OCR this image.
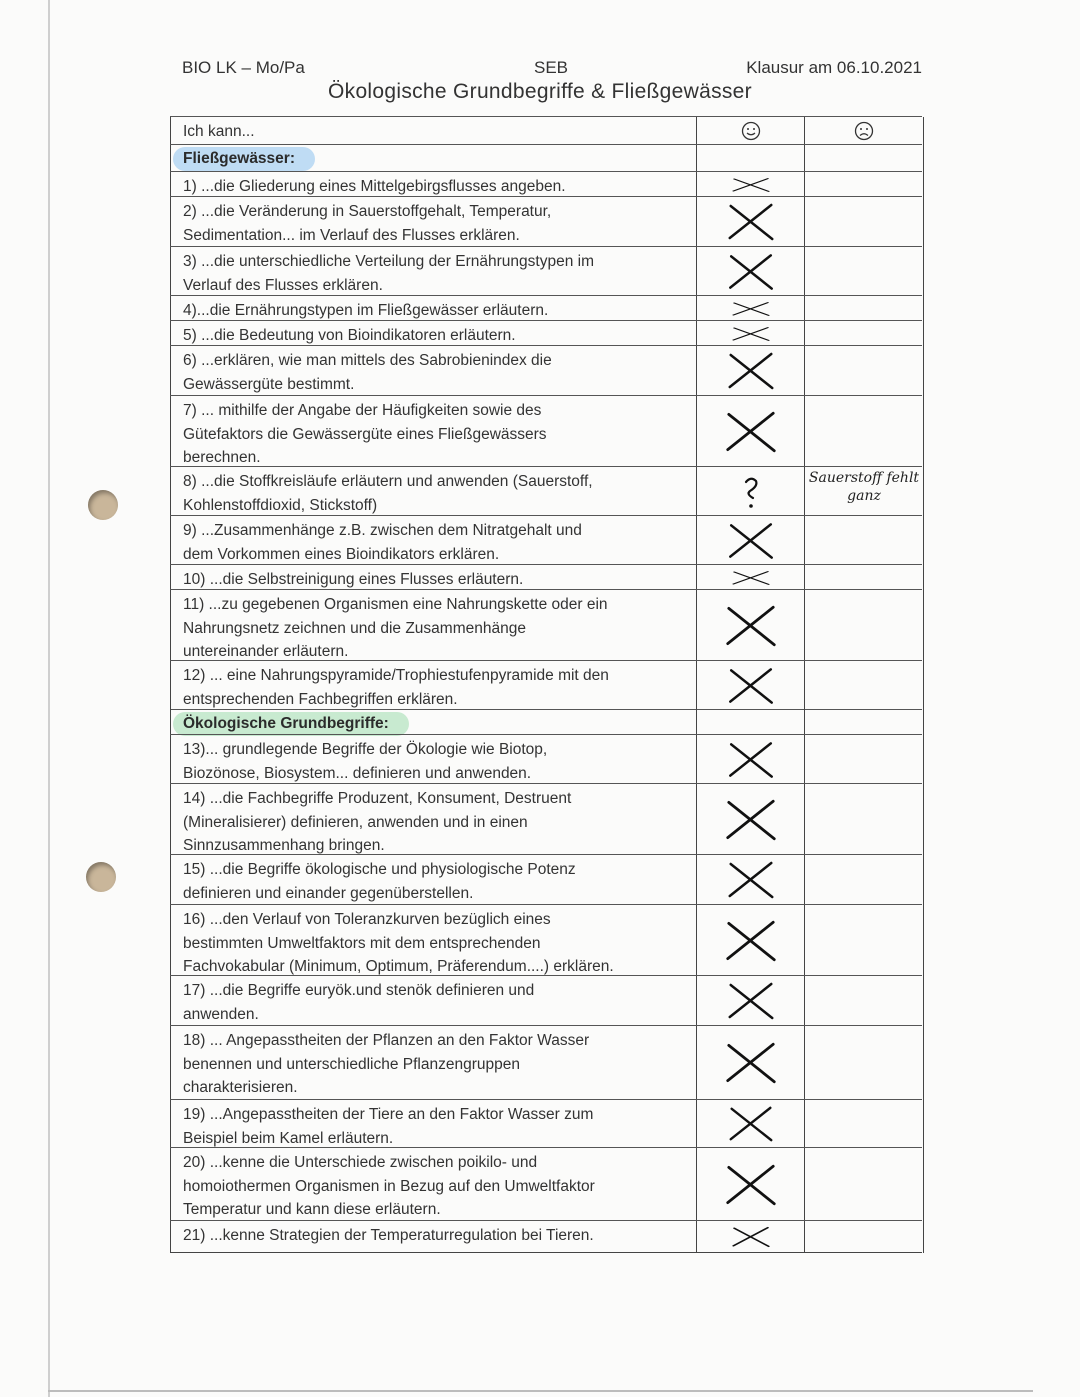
BIO LK – Mo/Pa	SEB	Klausur am 06.10.2021
Ökologische Grundbegriffe & Fließgewässer
Ich kann...
Fließgewässer:
Ökologische Grundbegriffe:
1) ...die Gliederung eines Mittelgebirgsflusses angeben.
2) ...die Veränderung in Sauerstoffgehalt, Temperatur,
Sedimentation... im Verlauf des Flusses erklären.
3) ...die unterschiedliche Verteilung der Ernährungstypen im
Verlauf des Flusses erklären.
4)...die Ernährungstypen im Fließgewässer erläutern.
5) ...die Bedeutung von Bioindikatoren erläutern.
6) ...erklären, wie man mittels des Sabrobienindex die
Gewässergüte bestimmt.
7) ... mithilfe der Angabe der Häufigkeiten sowie des
Gütefaktors die Gewässergüte eines Fließgewässers
berechnen.
8) ...die Stoffkreisläufe erläutern und anwenden (Sauerstoff,
Kohlenstoffdioxid, Stickstoff)
Sauerstoff fehlt ganz
9) ...Zusammenhänge z.B. zwischen dem Nitratgehalt und
dem Vorkommen eines Bioindikators erklären.
10) ...die Selbstreinigung eines Flusses erläutern.
11) ...zu gegebenen Organismen eine Nahrungskette oder ein
Nahrungsnetz zeichnen und die Zusammenhänge
untereinander erläutern.
12) ... eine Nahrungspyramide/Trophiestufenpyramide mit den
entsprechenden Fachbegriffen erklären.
13)... grundlegende Begriffe der Ökologie wie Biotop,
Biozönose, Biosystem... definieren und anwenden.
14) ...die Fachbegriffe Produzent, Konsument, Destruent
(Mineralisierer) definieren, anwenden und in einen
Sinnzusammenhang bringen.
15) ...die Begriffe ökologische und physiologische Potenz
definieren und einander gegenüberstellen.
16) ...den Verlauf von Toleranzkurven bezüglich eines
bestimmten Umweltfaktors mit dem entsprechenden
Fachvokabular (Minimum, Optimum, Präferendum....) erklären.
17) ...die Begriffe euryök.und stenök definieren und
anwenden.
18) ... Angepasstheiten der Pflanzen an den Faktor Wasser
benennen und unterschiedliche Pflanzengruppen
charakterisieren.
19) ...Angepasstheiten der Tiere an den Faktor Wasser zum
Beispiel beim Kamel erläutern.
20) ...kenne die Unterschiede zwischen poikilo- und
homoiothermen Organismen in Bezug auf den Umweltfaktor
Temperatur und kann diese erläutern.
21) ...kenne Strategien der Temperaturregulation bei Tieren.
